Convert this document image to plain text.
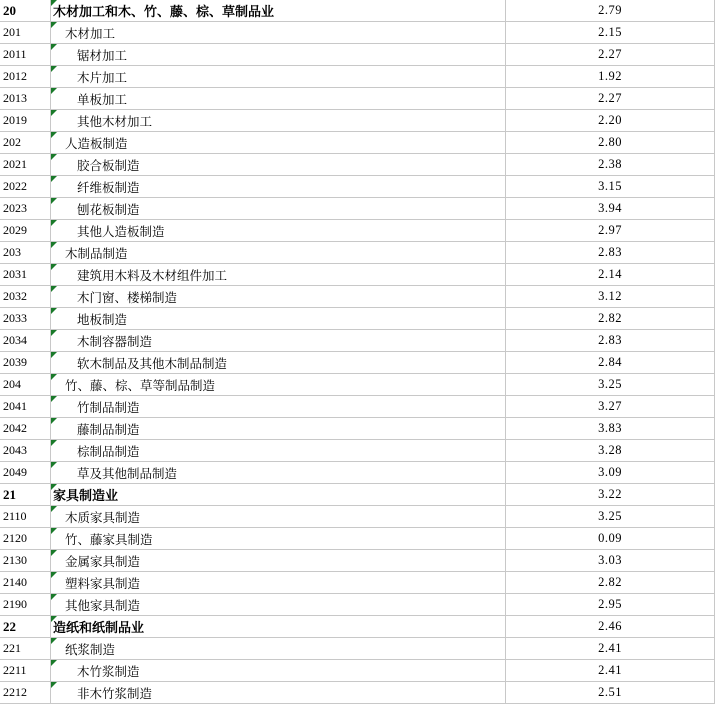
20	木材加工和木、竹、藤、棕、草制品业	2.79
201	木材加工	2.15
2011	锯材加工	2.27
2012	木片加工	1.92
2013	单板加工	2.27
2019	其他木材加工	2.20
202	人造板制造	2.80
2021	胶合板制造	2.38
2022	纤维板制造	3.15
2023	刨花板制造	3.94
2029	其他人造板制造	2.97
203	木制品制造	2.83
2031	建筑用木料及木材组件加工	2.14
2032	木门窗、楼梯制造	3.12
2033	地板制造	2.82
2034	木制容器制造	2.83
2039	软木制品及其他木制品制造	2.84
204	竹、藤、棕、草等制品制造	3.25
2041	竹制品制造	3.27
2042	藤制品制造	3.83
2043	棕制品制造	3.28
2049	草及其他制品制造	3.09
21	家具制造业	3.22
2110	木质家具制造	3.25
2120	竹、藤家具制造	0.09
2130	金属家具制造	3.03
2140	塑料家具制造	2.82
2190	其他家具制造	2.95
22	造纸和纸制品业	2.46
221	纸浆制造	2.41
2211	木竹浆制造	2.41
2212	非木竹浆制造	2.51
